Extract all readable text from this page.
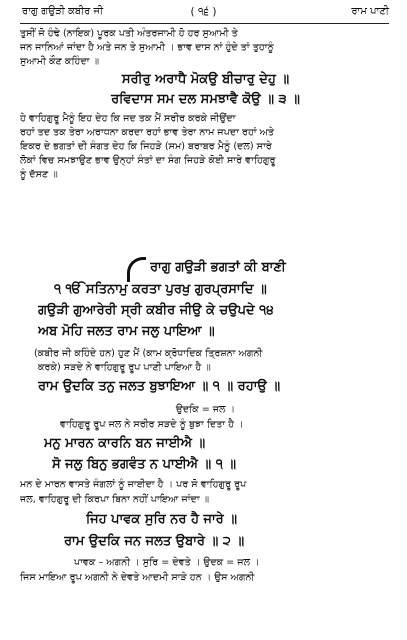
ਰਾਗੁ ਗਉੜੀ ਕਬੀਰ ਜੀ	( ੧੬ )	ਰਾਮ ਪਾਣੀ
ਤੁਸੀਂ ਜੋ ਹੰਢੇ (ਨਾਇਕ) ਪੂਰਕ ਪਤੀ ਅੰਤਰਜਾਮੀ ਹੋ ਹਰ ਸੁਆਮੀ ਤੇ
ਜਨ ਜਾਨਿਆਂ ਜਾਂਦਾ ਹੈ ਅਤੇ ਜਨ ਤੇ ਸੁਆਮੀ । ਭਾਵ ਦਾਸ ਨਾਂ ਹੁੰਦੇ ਤਾਂ ਤੁਹਾਨੂੰ
ਸੁਆਮੀ ਕੌਣ ਕਹਿੰਦਾ ॥
ਸਰੀਰੁ ਅਰਾਧੈ ਮੋਕਉ ਬੀਚਾਰੁ ਦੇਹੁ ॥
ਰਵਿਦਾਸ ਸਮ ਦਲ ਸਮਝਾਵੈ ਕੋਉ ॥ ੩ ॥
ਹੇ ਵਾਹਿਗੁਰੂ ਮੈਨੂੰ ਇਹ ਦੇਹ ਕਿ ਜਦ ਤਕ ਮੈਂ ਸਰੀਰ ਕਰਕੇ ਜੀਉਂਦਾ
ਰਹਾਂ ਤਦ ਤਕ ਤੇਰਾ ਅਰਾਧਨਾ ਕਰਦਾ ਰਹਾਂ ਭਾਵ ਤੇਰਾ ਨਾਮ ਜਪਦਾ ਰਹਾਂ ਅਤੇ
ਇਕਰ ਦੇ ਭਗਤਾਂ ਦੀ ਸੰਗਤ ਦੇਹ ਕਿ ਜਿਹੜੇ (ਸਮ) ਬਰਾਬਰ ਮੈਨੂੰ (ਦਲ) ਸਾਰੇ
ਲੋਕਾਂ ਵਿਚ ਸਮਝਾਉਣ ਭਾਵ ਉਨ੍ਹਾਂ ਸੰਤਾਂ ਦਾ ਸੰਗ ਜਿਹੜੇ ਕੋਈ ਸਾਰੇ ਵਾਹਿਗੁਰੂ
ਨੂੰ ਦੱਸਣ ॥
ਰਾਗੁ ਗਉੜੀ ਭਗਤਾਂ ਕੀ ਬਾਣੀ
੧ ੴ ਸਤਿਨਾਮੁ ਕਰਤਾ ਪੁਰਖੁ ਗੁਰਪ੍ਰਸਾਦਿ ॥
ਗਉੜੀ ਗੁਆਰੇਰੀ ਸ੍ਰੀ ਕਬੀਰ ਜੀਉ ਕੇ ਚਉਪਦੇ ੧੪
ਅਬ ਮੋਹਿ ਜਲਤ ਰਾਮ ਜਲੁ ਪਾਇਆ ॥
(ਕਬੀਰ ਜੀ ਕਹਿੰਦੇ ਹਨ) ਹੁਣ ਮੈਂ (ਕਾਮ ਕ੍ਰੋਧਾਦਿਕ ਤ੍ਰਿਸ਼ਨਾ ਅਗਨੀ
ਕਰਕੇ) ਸੜਦੇ ਨੇ ਵਾਹਿਗੁਰੂ ਰੂਪ ਪਾਣੀ ਪਾਇਆ ਹੈ ॥
ਰਾਮ ਉਦਕਿ ਤਨੁ ਜਲਤ ਬੁਝਾਇਆ ॥ ੧ ॥ ਰਹਾਉ ॥
ਉਦਕਿ = ਜਲ ।
ਵਾਹਿਗੁਰੂ ਰੂਪ ਜਲ ਨੇ ਸਰੀਰ ਸੜਦੇ ਨੂੰ ਬੁਝਾ ਦਿਤਾ ਹੈ ।
ਮਨੁ ਮਾਰਨ ਕਾਰਨਿ ਬਨ ਜਾਈਐ ॥
ਸੋ ਜਲੁ ਬਿਨੁ ਭਗਵੰਤ ਨ ਪਾਈਐ ॥ ੧ ॥
ਮਨ ਦੇ ਮਾਰਨ ਵਾਸਤੇ ਜੰਗਲਾਂ ਨੂੰ ਜਾਈਦਾ ਹੈ । ਪਰ ਸੋ ਵਾਹਿਗੁਰੂ ਰੂਪ
ਜਲ, ਵਾਹਿਗੁਰੂ ਦੀ ਕਿਰਪਾ ਬਿਨਾ ਨਹੀਂ ਪਾਇਆ ਜਾਂਦਾ ॥
ਜਿਹ ਪਾਵਕ ਸੁਰਿ ਨਰ ਹੈ ਜਾਰੇ ॥
ਰਾਮ ਉਦਕਿ ਜਨ ਜਲਤ ਉਬਾਰੇ ॥ ੨ ॥
ਪਾਵਕ – ਅਗਨੀ । ਸੁਰਿ = ਦੇਵਤੇ । ਉਦਕ = ਜਲ ।
ਜਿਸ ਮਾਇਆ ਰੂਪ ਅਗਨੀ ਨੇ ਦੇਵਤੇ ਆਦਮੀ ਸਾੜੇ ਹਨ । ਉਸ ਅਗਨੀ
